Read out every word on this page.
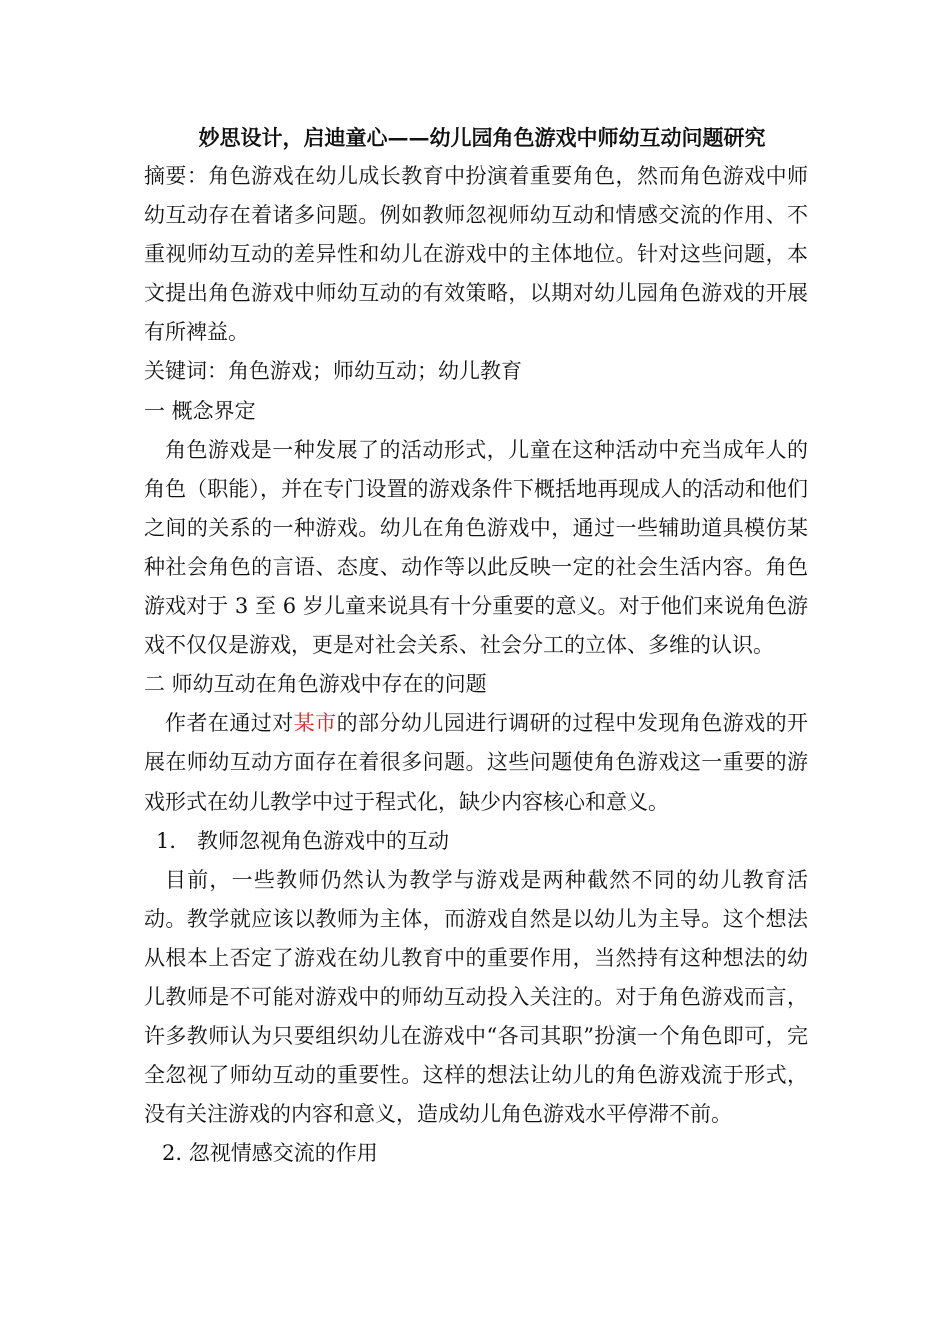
妙思设计，启迪童心——幼儿园角色游戏中师幼互动问题研究

摘要：角色游戏在幼儿成长教育中扮演着重要角色，然而角色游戏中师幼互动存在着诸多问题。例如教师忽视师幼互动和情感交流的作用、不重视师幼互动的差异性和幼儿在游戏中的主体地位。针对这些问题，本文提出角色游戏中师幼互动的有效策略，以期对幼儿园角色游戏的开展有所裨益。

关键词：角色游戏；师幼互动；幼儿教育

一 概念界定

角色游戏是一种发展了的活动形式，儿童在这种活动中充当成年人的角色（职能），并在专门设置的游戏条件下概括地再现成人的活动和他们之间的关系的一种游戏。幼儿在角色游戏中，通过一些辅助道具模仿某种社会角色的言语、态度、动作等以此反映一定的社会生活内容。角色游戏对于 3 至 6 岁儿童来说具有十分重要的意义。对于他们来说角色游戏不仅仅是游戏，更是对社会关系、社会分工的立体、多维的认识。

二 师幼互动在角色游戏中存在的问题

作者在通过对某市的部分幼儿园进行调研的过程中发现角色游戏的开展在师幼互动方面存在着很多问题。这些问题使角色游戏这一重要的游戏形式在幼儿教学中过于程式化，缺少内容核心和意义。

1． 教师忽视角色游戏中的互动

目前，一些教师仍然认为教学与游戏是两种截然不同的幼儿教育活动。教学就应该以教师为主体，而游戏自然是以幼儿为主导。这个想法从根本上否定了游戏在幼儿教育中的重要作用，当然持有这种想法的幼儿教师是不可能对游戏中的师幼互动投入关注的。对于角色游戏而言，许多教师认为只要组织幼儿在游戏中“各司其职”扮演一个角色即可，完全忽视了师幼互动的重要性。这样的想法让幼儿的角色游戏流于形式，没有关注游戏的内容和意义，造成幼儿角色游戏水平停滞不前。

2. 忽视情感交流的作用
